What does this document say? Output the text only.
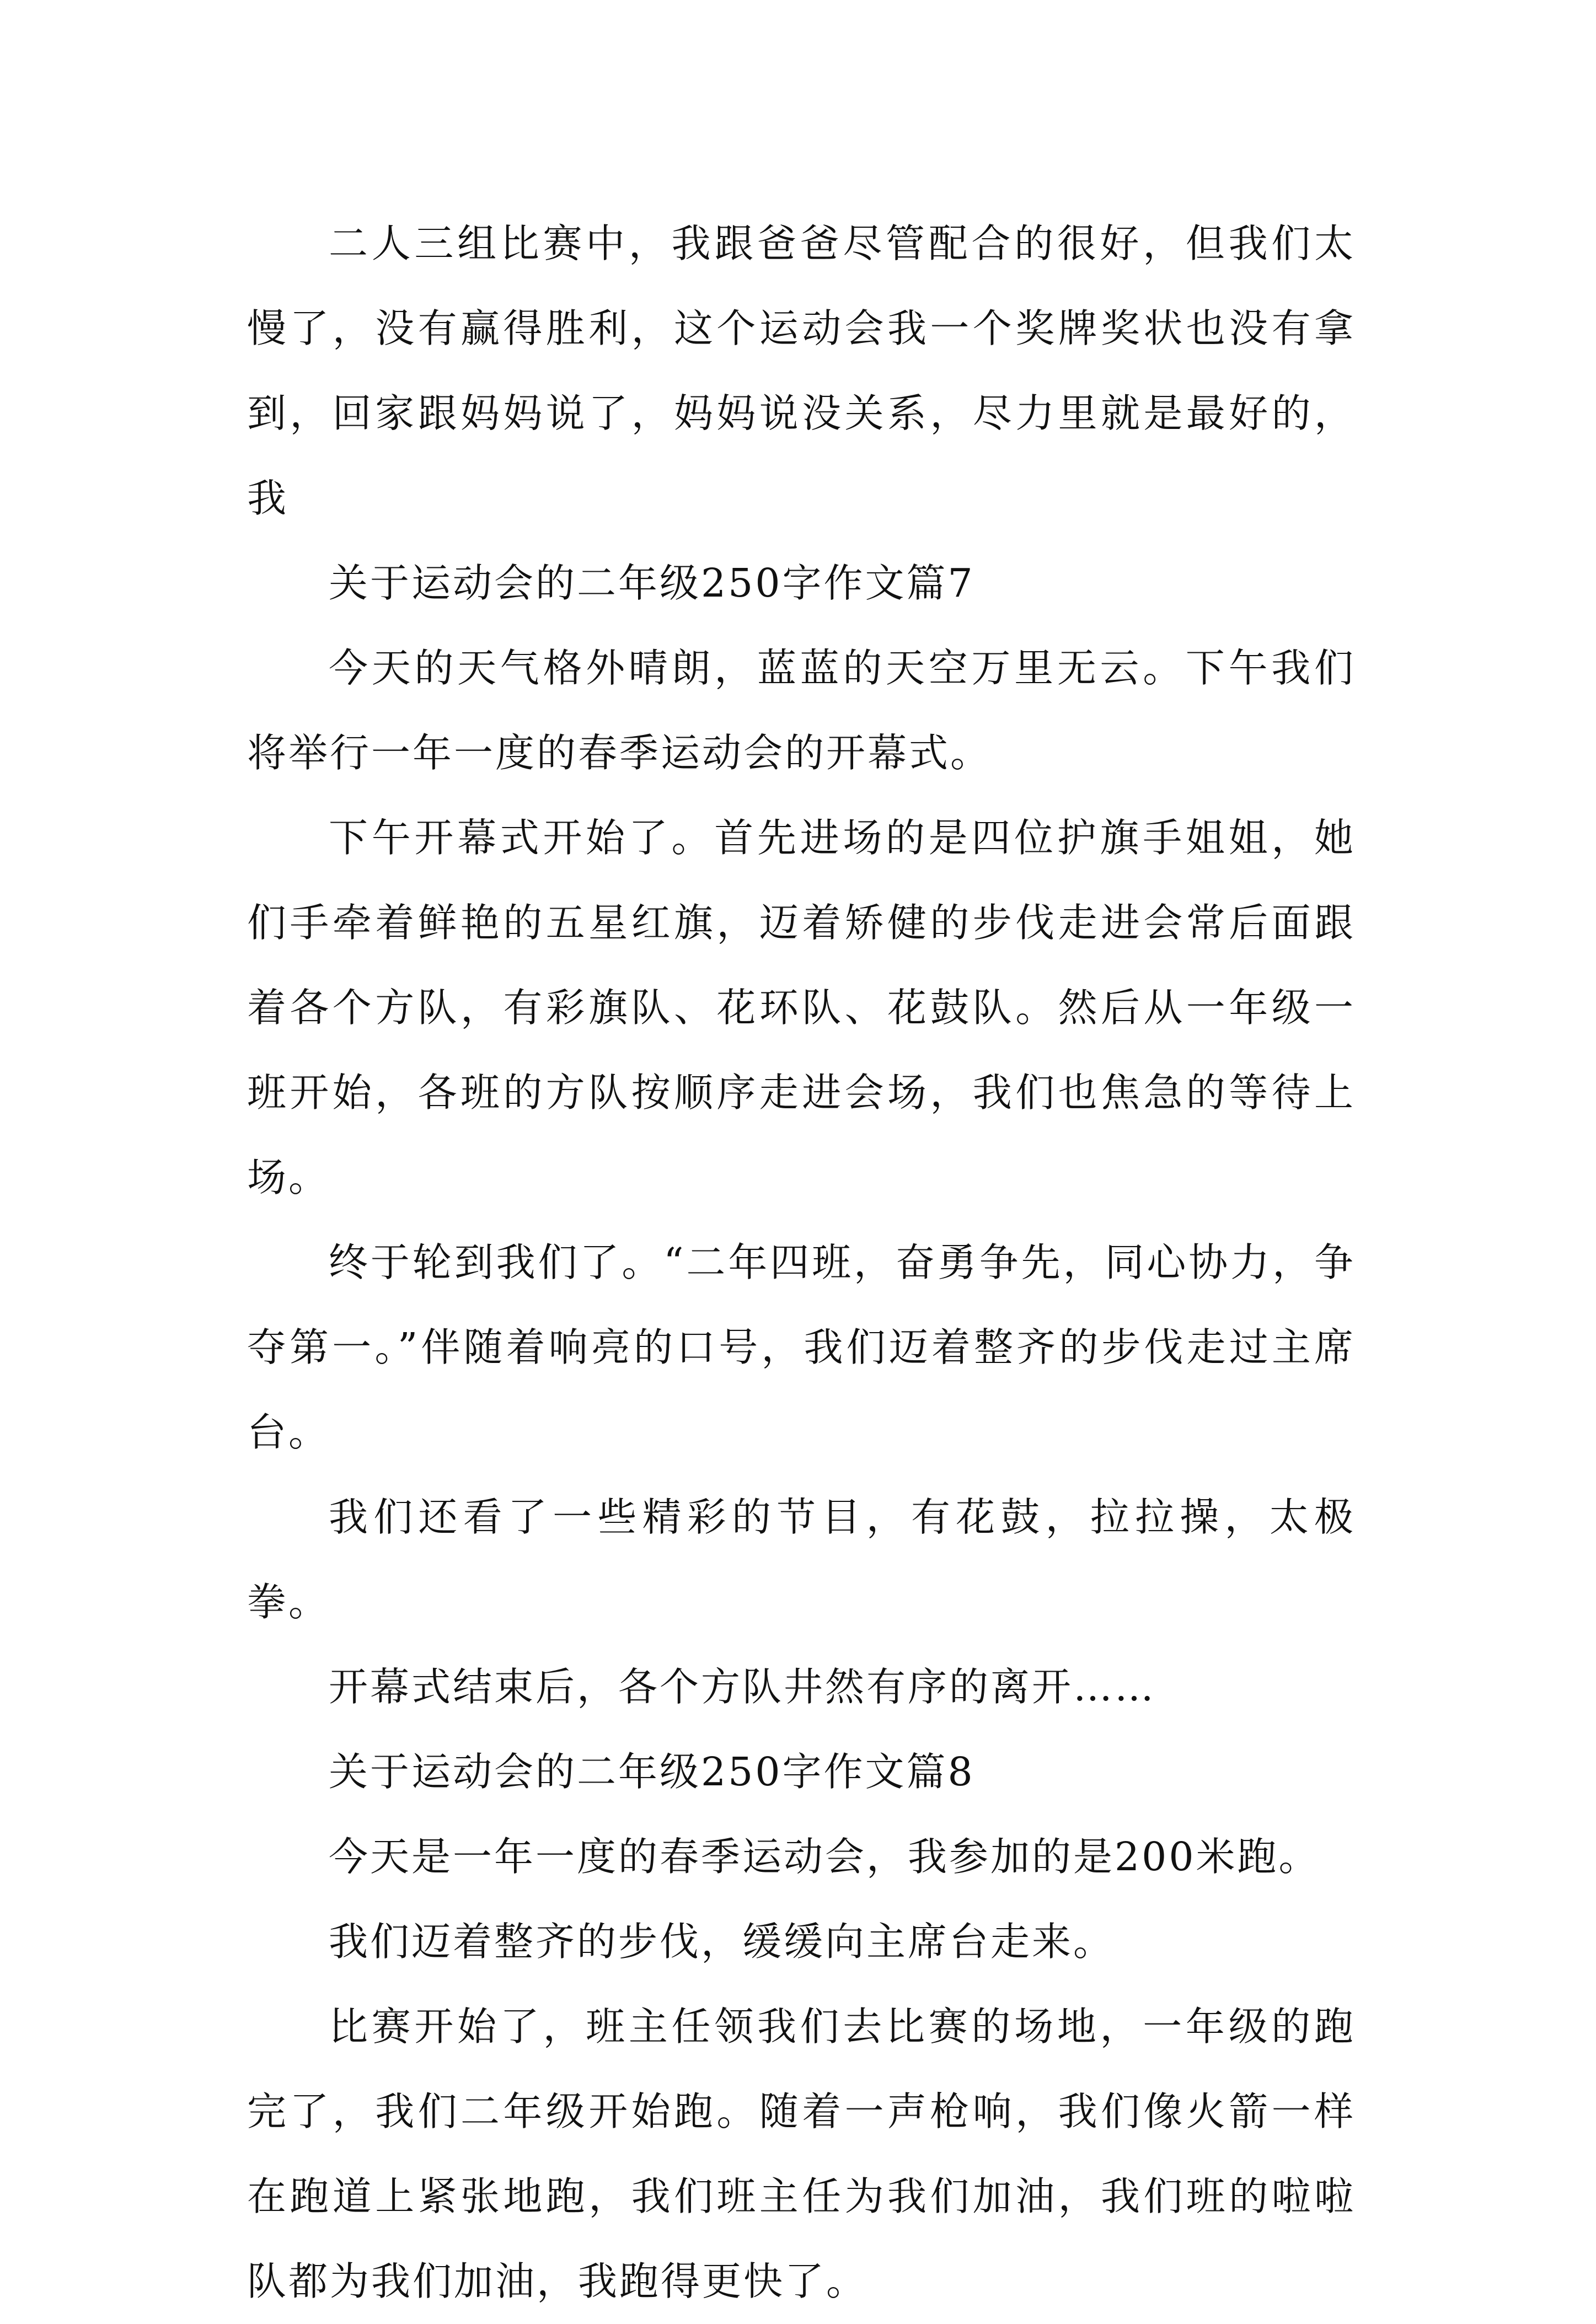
二人三组比赛中，我跟爸爸尽管配合的很好，但我们太慢了，没有赢得胜利，这个运动会我一个奖牌奖状也没有拿到，回家跟妈妈说了，妈妈说没关系，尽力里就是最好的，我

关于运动会的二年级250字作文篇7

今天的天气格外晴朗，蓝蓝的天空万里无云。下午我们将举行一年一度的春季运动会的开幕式。

下午开幕式开始了。首先进场的是四位护旗手姐姐，她们手牵着鲜艳的五星红旗，迈着矫健的步伐走进会常后面跟着各个方队，有彩旗队、花环队、花鼓队。然后从一年级一班开始，各班的方队按顺序走进会场，我们也焦急的等待上场。

终于轮到我们了。“二年四班，奋勇争先，同心协力，争夺第一。”伴随着响亮的口号，我们迈着整齐的步伐走过主席台。

我们还看了一些精彩的节目，有花鼓，拉拉操，太极拳。

开幕式结束后，各个方队井然有序的离开……

关于运动会的二年级250字作文篇8

今天是一年一度的春季运动会，我参加的是200米跑。

我们迈着整齐的步伐，缓缓向主席台走来。

比赛开始了，班主任领我们去比赛的场地，一年级的跑完了，我们二年级开始跑。随着一声枪响，我们像火箭一样在跑道上紧张地跑，我们班主任为我们加油，我们班的啦啦队都为我们加油，我跑得更快了。
